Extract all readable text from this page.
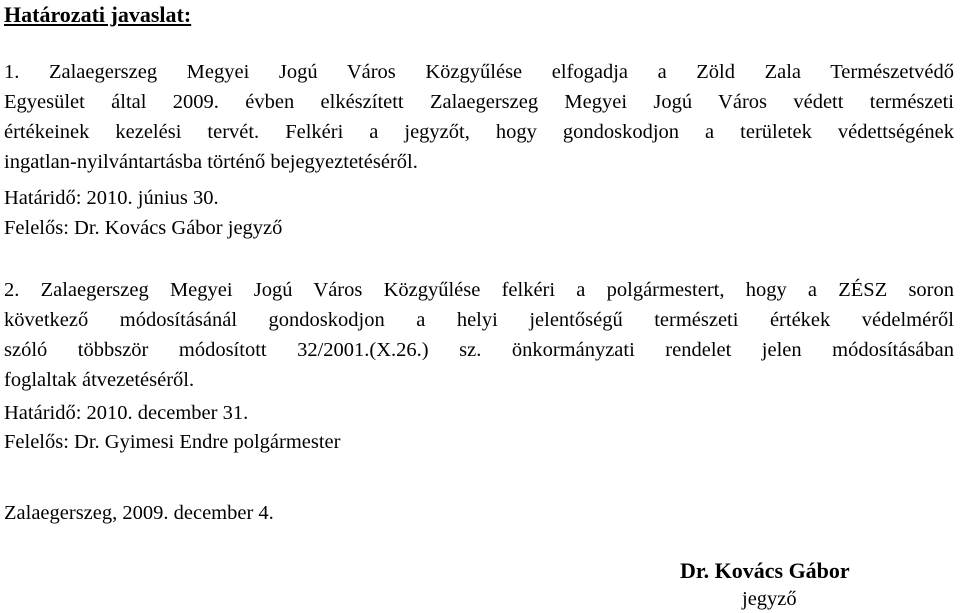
Határozati javaslat:
1. Zalaegerszeg Megyei Jogú Város Közgyűlése elfogadja a Zöld Zala Természetvédő
Egyesület által 2009. évben elkészített Zalaegerszeg Megyei Jogú Város védett természeti
értékeinek kezelési tervét. Felkéri a jegyzőt, hogy gondoskodjon a területek védettségének
ingatlan-nyilvántartásba történő bejegyeztetéséről.
Határidő: 2010. június 30.
Felelős: Dr. Kovács Gábor jegyző
2. Zalaegerszeg Megyei Jogú Város Közgyűlése felkéri a polgármestert, hogy a ZÉSZ soron
következő módosításánál gondoskodjon a helyi jelentőségű természeti értékek védelméről
szóló többször módosított 32/2001.(X.26.) sz. önkormányzati rendelet jelen módosításában
foglaltak átvezetéséről.
Határidő: 2010. december 31.
Felelős: Dr. Gyimesi Endre polgármester
Zalaegerszeg, 2009. december 4.
Dr. Kovács Gábor
jegyző
